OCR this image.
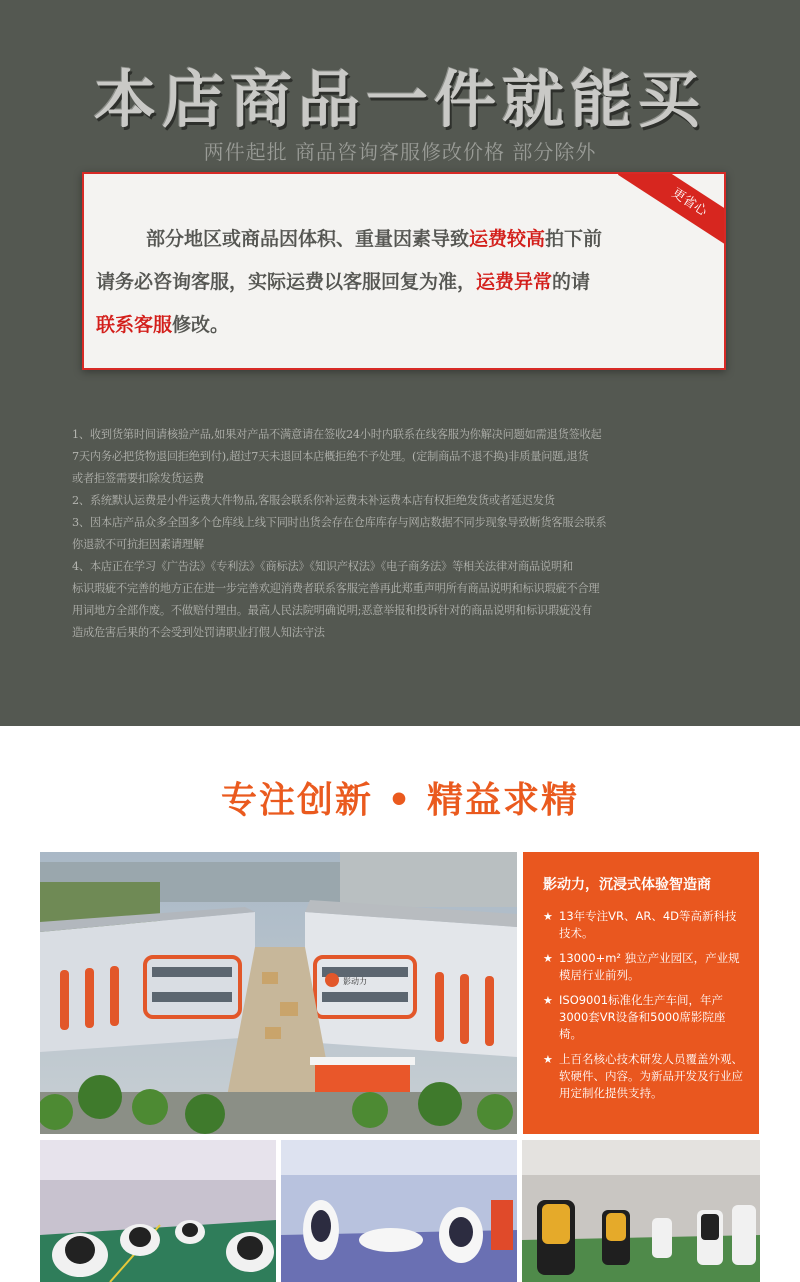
本店商品一件就能买
两件起批 商品咨询客服修改价格 部分除外
更省心
部分地区或商品因体积、重量因素导致运费较高拍下前
请务必咨询客服，实际运费以客服回复为准，运费异常的请
联系客服修改。

1、收到货第时间请核验产品,如果对产品不满意请在签收24小时内联系在线客服为你解决问题如需退货签收起

7天内务必把货物退回拒绝到付),超过7天未退回本店概拒绝不予处理。(定制商品不退不换)非质量问题,退货

或者拒签需要扣除发货运费

2、系统默认运费是小件运费大件物品,客服会联系你补运费未补运费本店有权拒绝发货或者延迟发货

3、因本店产品众多全国多个仓库线上线下同时出货会存在仓库库存与网店数据不同步现象导致断货客服会联系

你退款不可抗拒因素请理解

4、本店正在学习《广告法》《专利法》《商标法》《知识产权法》《电子商务法》等相关法律对商品说明和

标识瑕疵不完善的地方正在进一步完善欢迎消费者联系客服完善再此郑重声明所有商品说明和标识瑕疵不合理

用词地方全部作废。不做赔付理由。最高人民法院明确说明;恶意举报和投诉针对的商品说明和标识瑕疵没有

造成危害后果的不会受到处罚请职业打假人知法守法

专注创新 • 精益求精
影动力
影动力，沉浸式体验智造商
★ 13年专注VR、AR、4D等高新科技技术。
★ 13000+m² 独立产业园区，产业规模居行业前列。
★ ISO9001标准化生产车间，年产3000套VR设备和5000席影院座椅。
★ 上百名核心技术研发人员覆盖外观、软硬件、内容。为新品开发及行业应用定制化提供支持。
